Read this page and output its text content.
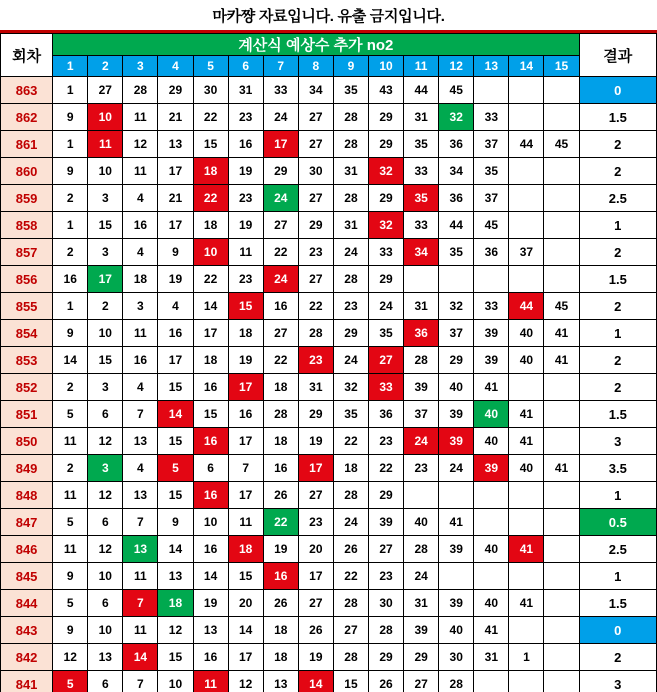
마카쨩 자료입니다. 유출 금지입니다.
회차	계산식 예상수 추가 no2															결과
	1	2	3	4	5	6	7	8	9	10	11	12	13	14	15	
863	1	27	28	29	30	31	33	34	35	43	44	45				0
862	9	10	11	21	22	23	24	27	28	29	31	32	33			1.5
861	1	11	12	13	15	16	17	27	28	29	35	36	37	44	45	2
860	9	10	11	17	18	19	29	30	31	32	33	34	35			2
859	2	3	4	21	22	23	24	27	28	29	35	36	37			2.5
858	1	15	16	17	18	19	27	29	31	32	33	44	45			1
857	2	3	4	9	10	11	22	23	24	33	34	35	36	37		2
856	16	17	18	19	22	23	24	27	28	29						1.5
855	1	2	3	4	14	15	16	22	23	24	31	32	33	44	45	2
854	9	10	11	16	17	18	27	28	29	35	36	37	39	40	41	1
853	14	15	16	17	18	19	22	23	24	27	28	29	39	40	41	2
852	2	3	4	15	16	17	18	31	32	33	39	40	41			2
851	5	6	7	14	15	16	28	29	35	36	37	39	40	41		1.5
850	11	12	13	15	16	17	18	19	22	23	24	39	40	41		3
849	2	3	4	5	6	7	16	17	18	22	23	24	39	40	41	3.5
848	11	12	13	15	16	17	26	27	28	29						1
847	5	6	7	9	10	11	22	23	24	39	40	41				0.5
846	11	12	13	14	16	18	19	20	26	27	28	39	40	41		2.5
845	9	10	11	13	14	15	16	17	22	23	24					1
844	5	6	7	18	19	20	26	27	28	30	31	39	40	41		1.5
843	9	10	11	12	13	14	18	26	27	28	39	40	41			0
842	12	13	14	15	16	17	18	19	28	29	29	30	31	1		2
841	5	6	7	10	11	12	13	14	15	26	27	28				3
